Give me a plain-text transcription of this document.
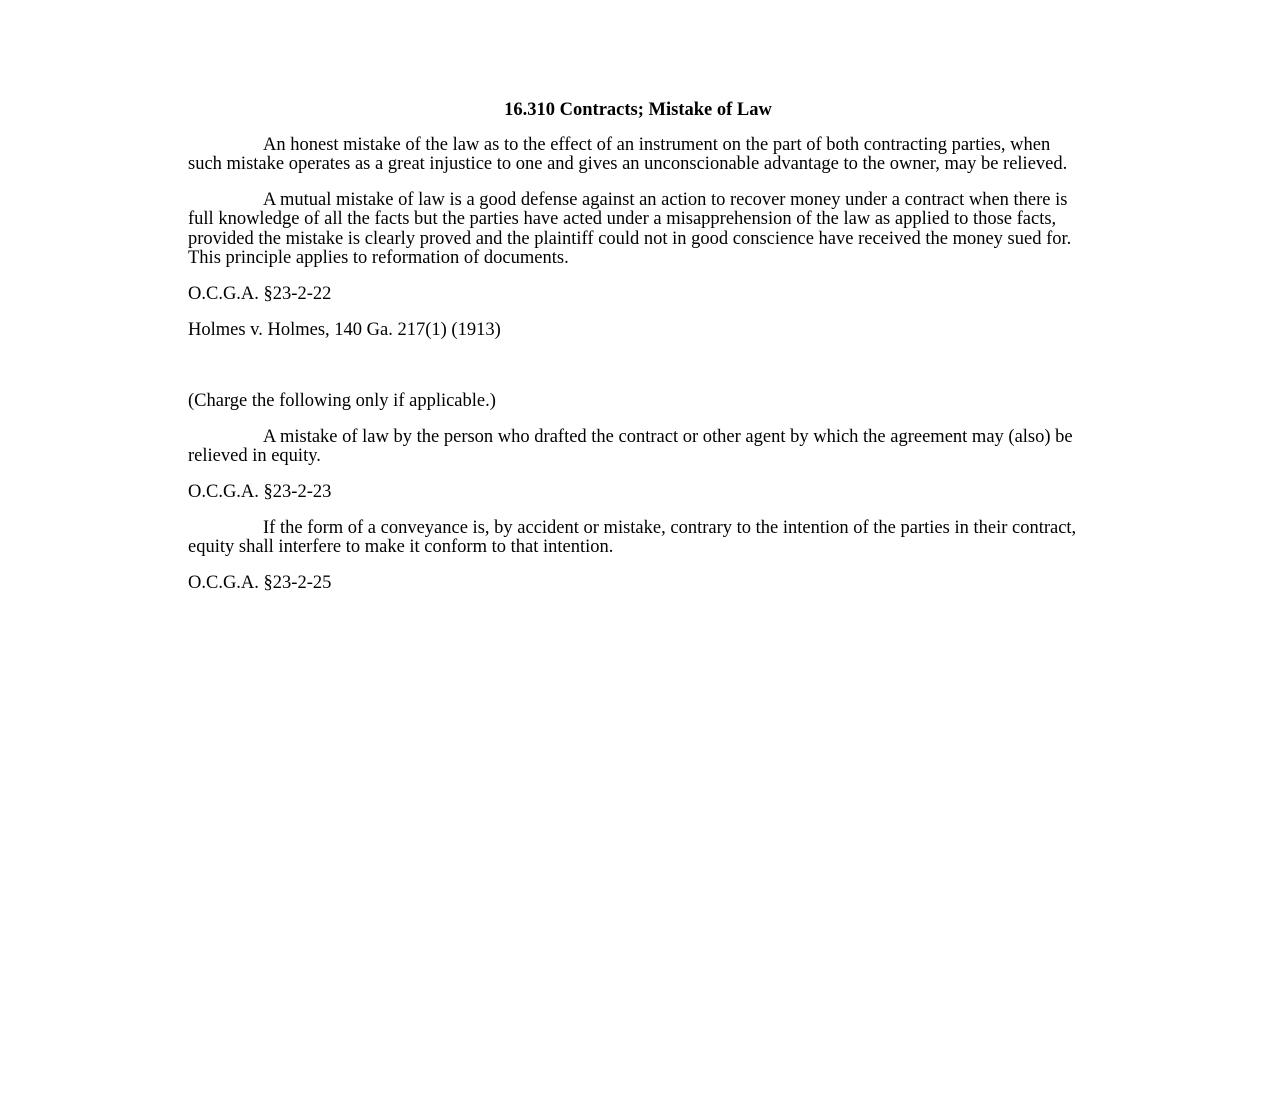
16.310 Contracts; Mistake of Law

An honest mistake of the law as to the effect of an instrument on the part of both contracting parties, when such mistake operates as a great injustice to one and gives an unconscionable advantage to the owner, may be relieved.

A mutual mistake of law is a good defense against an action to recover money under a contract when there is full knowledge of all the facts but the parties have acted under a misapprehension of the law as applied to those facts, provided the mistake is clearly proved and the plaintiff could not in good conscience have received the money sued for. This principle applies to reformation of documents.

O.C.G.A. §23-2-22

Holmes v. Holmes, 140 Ga. 217(1) (1913)

(Charge the following only if applicable.)

A mistake of law by the person who drafted the contract or other agent by which the agreement may (also) be relieved in equity.

O.C.G.A. §23-2-23

If the form of a conveyance is, by accident or mistake, contrary to the intention of the parties in their contract, equity shall interfere to make it conform to that intention.

O.C.G.A. §23-2-25
